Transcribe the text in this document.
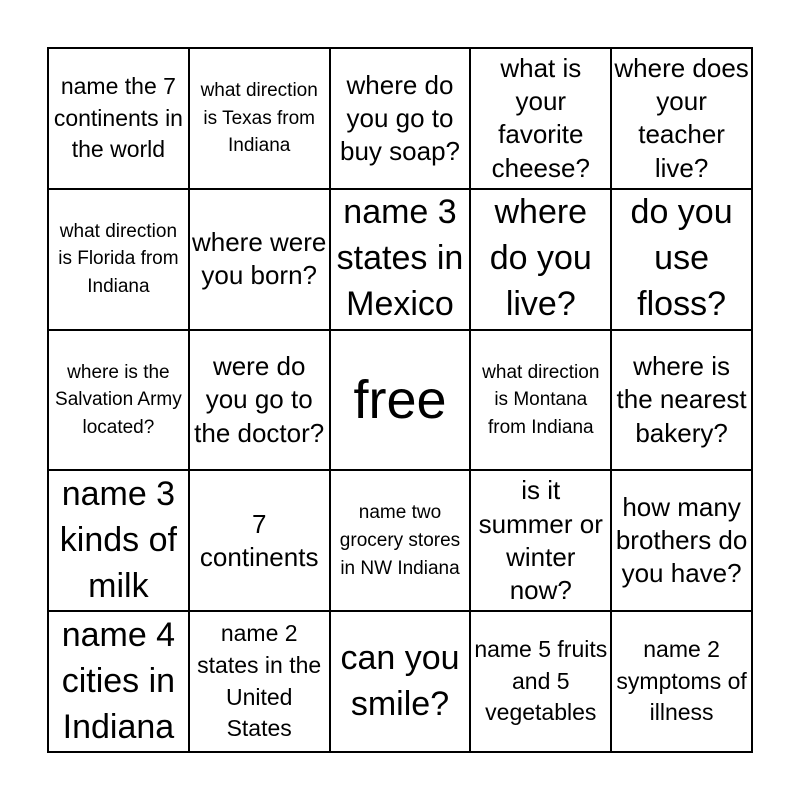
name the 7 continents in the world
what direction is Texas from Indiana
where do you go to buy soap?
what is your favorite cheese?
where does your teacher live?
what direction is Florida from Indiana
where were you born?
name 3 states in Mexico
where do you live?
do you use floss?
where is the Salvation Army located?
were do you go to the doctor?
free	what direction is Montana from Indiana
where is the nearest bakery?
name 3 kinds of milk
7 continents
name two grocery stores in NW Indiana
is it summer or winter now?
how many brothers do you have?
name 4 cities in Indiana
name 2 states in the United States
can you smile?
name 5 fruits and 5 vegetables
name 2 symptoms of illness
